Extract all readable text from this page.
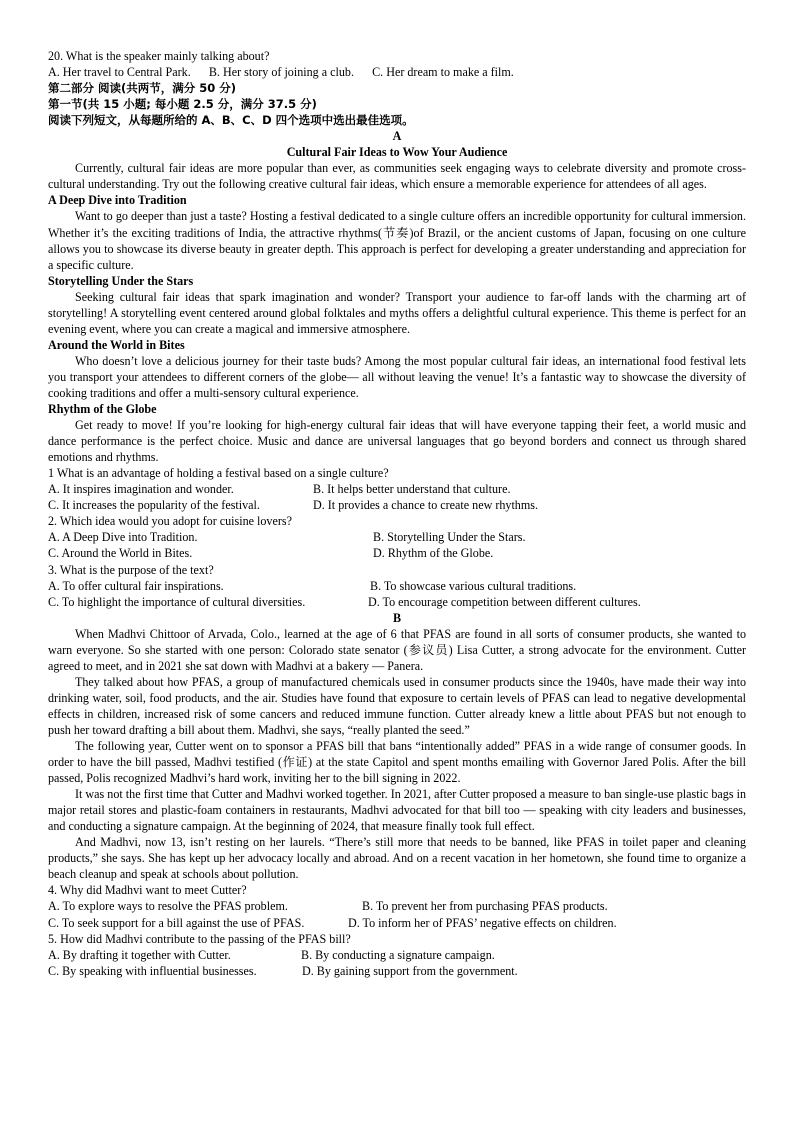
20. What is the speaker mainly talking about?
A. Her travel to Central Park.      B. Her story of joining a club.      C. Her dream to make a film.
第二部分 阅读(共两节，满分 50 分)
第一节(共 15 小题; 每小题 2.5 分，满分 37.5 分)
阅读下列短文，从每题所给的 A、B、C、D 四个选项中选出最佳选项。
A
Cultural Fair Ideas to Wow Your Audience
Currently, cultural fair ideas are more popular than ever, as communities seek engaging ways to celebrate diversity and promote cross-cultural understanding. Try out the following creative cultural fair ideas, which ensure a memorable experience for attendees of all ages.
A Deep Dive into Tradition
Want to go deeper than just a taste? Hosting a festival dedicated to a single culture offers an incredible opportunity for cultural immersion. Whether it’s the exciting traditions of India, the attractive rhythms(节奏)of Brazil, or the ancient customs of Japan, focusing on one culture allows you to showcase its diverse beauty in greater depth. This approach is perfect for developing a greater understanding and appreciation for a specific culture.
Storytelling Under the Stars
Seeking cultural fair ideas that spark imagination and wonder? Transport your audience to far-off lands with the charming art of storytelling! A storytelling event centered around global folktales and myths offers a delightful cultural experience. This theme is perfect for an evening event, where you can create a magical and immersive atmosphere.
Around the World in Bites
Who doesn’t love a delicious journey for their taste buds? Among the most popular cultural fair ideas, an international food festival lets you transport your attendees to different corners of the globe— all without leaving the venue! It’s a fantastic way to showcase the diversity of cooking traditions and offer a multi-sensory cultural experience.
Rhythm of the Globe
Get ready to move! If you’re looking for high-energy cultural fair ideas that will have everyone tapping their feet, a world music and dance performance is the perfect choice. Music and dance are universal languages that go beyond borders and connect us through shared emotions and rhythms.
1 What is an advantage of holding a festival based on a single culture?
A. It inspires imagination and wonder.	B. It helps better understand that culture.
C. It increases the popularity of the festival.	D. It provides a chance to create new rhythms.
2. Which idea would you adopt for cuisine lovers?
A. A Deep Dive into Tradition.	B. Storytelling Under the Stars.
C. Around the World in Bites.	D. Rhythm of the Globe.
3. What is the purpose of the text?
A. To offer cultural fair inspirations.	B. To showcase various cultural traditions.
C. To highlight the importance of cultural diversities.	D. To encourage competition between different cultures.
B
When Madhvi Chittoor of Arvada, Colo., learned at the age of 6 that PFAS are found in all sorts of consumer products, she wanted to warn everyone. So she started with one person: Colorado state senator (参议员) Lisa Cutter, a strong advocate for the environment. Cutter agreed to meet, and in 2021 she sat down with Madhvi at a bakery — Panera.
They talked about how PFAS, a group of manufactured chemicals used in consumer products since the 1940s, have made their way into drinking water, soil, food products, and the air. Studies have found that exposure to certain levels of PFAS can lead to negative developmental effects in children, increased risk of some cancers and reduced immune function. Cutter already knew a little about PFAS but not enough to push her toward drafting a bill about them. Madhvi, she says, “really planted the seed.”
The following year, Cutter went on to sponsor a PFAS bill that bans “intentionally added” PFAS in a wide range of consumer goods. In order to have the bill passed, Madhvi testified (作证) at the state Capitol and spent months emailing with Governor Jared Polis. After the bill passed, Polis recognized Madhvi’s hard work, inviting her to the bill signing in 2022.
It was not the first time that Cutter and Madhvi worked together. In 2021, after Cutter proposed a measure to ban single-use plastic bags in major retail stores and plastic-foam containers in restaurants, Madhvi advocated for that bill too — speaking with city leaders and businesses, and conducting a signature campaign. At the beginning of 2024, that measure finally took full effect.
And Madhvi, now 13, isn’t resting on her laurels. “There’s still more that needs to be banned, like PFAS in toilet paper and cleaning products,” she says. She has kept up her advocacy locally and abroad. And on a recent vacation in her hometown, she found time to organize a beach cleanup and speak at schools about pollution.
4. Why did Madhvi want to meet Cutter?
A. To explore ways to resolve the PFAS problem.	B. To prevent her from purchasing PFAS products.
C. To seek support for a bill against the use of PFAS.	D. To inform her of PFAS’ negative effects on children.
5. How did Madhvi contribute to the passing of the PFAS bill?
A. By drafting it together with Cutter.	B. By conducting a signature campaign.
C. By speaking with influential businesses.	D. By gaining support from the government.
